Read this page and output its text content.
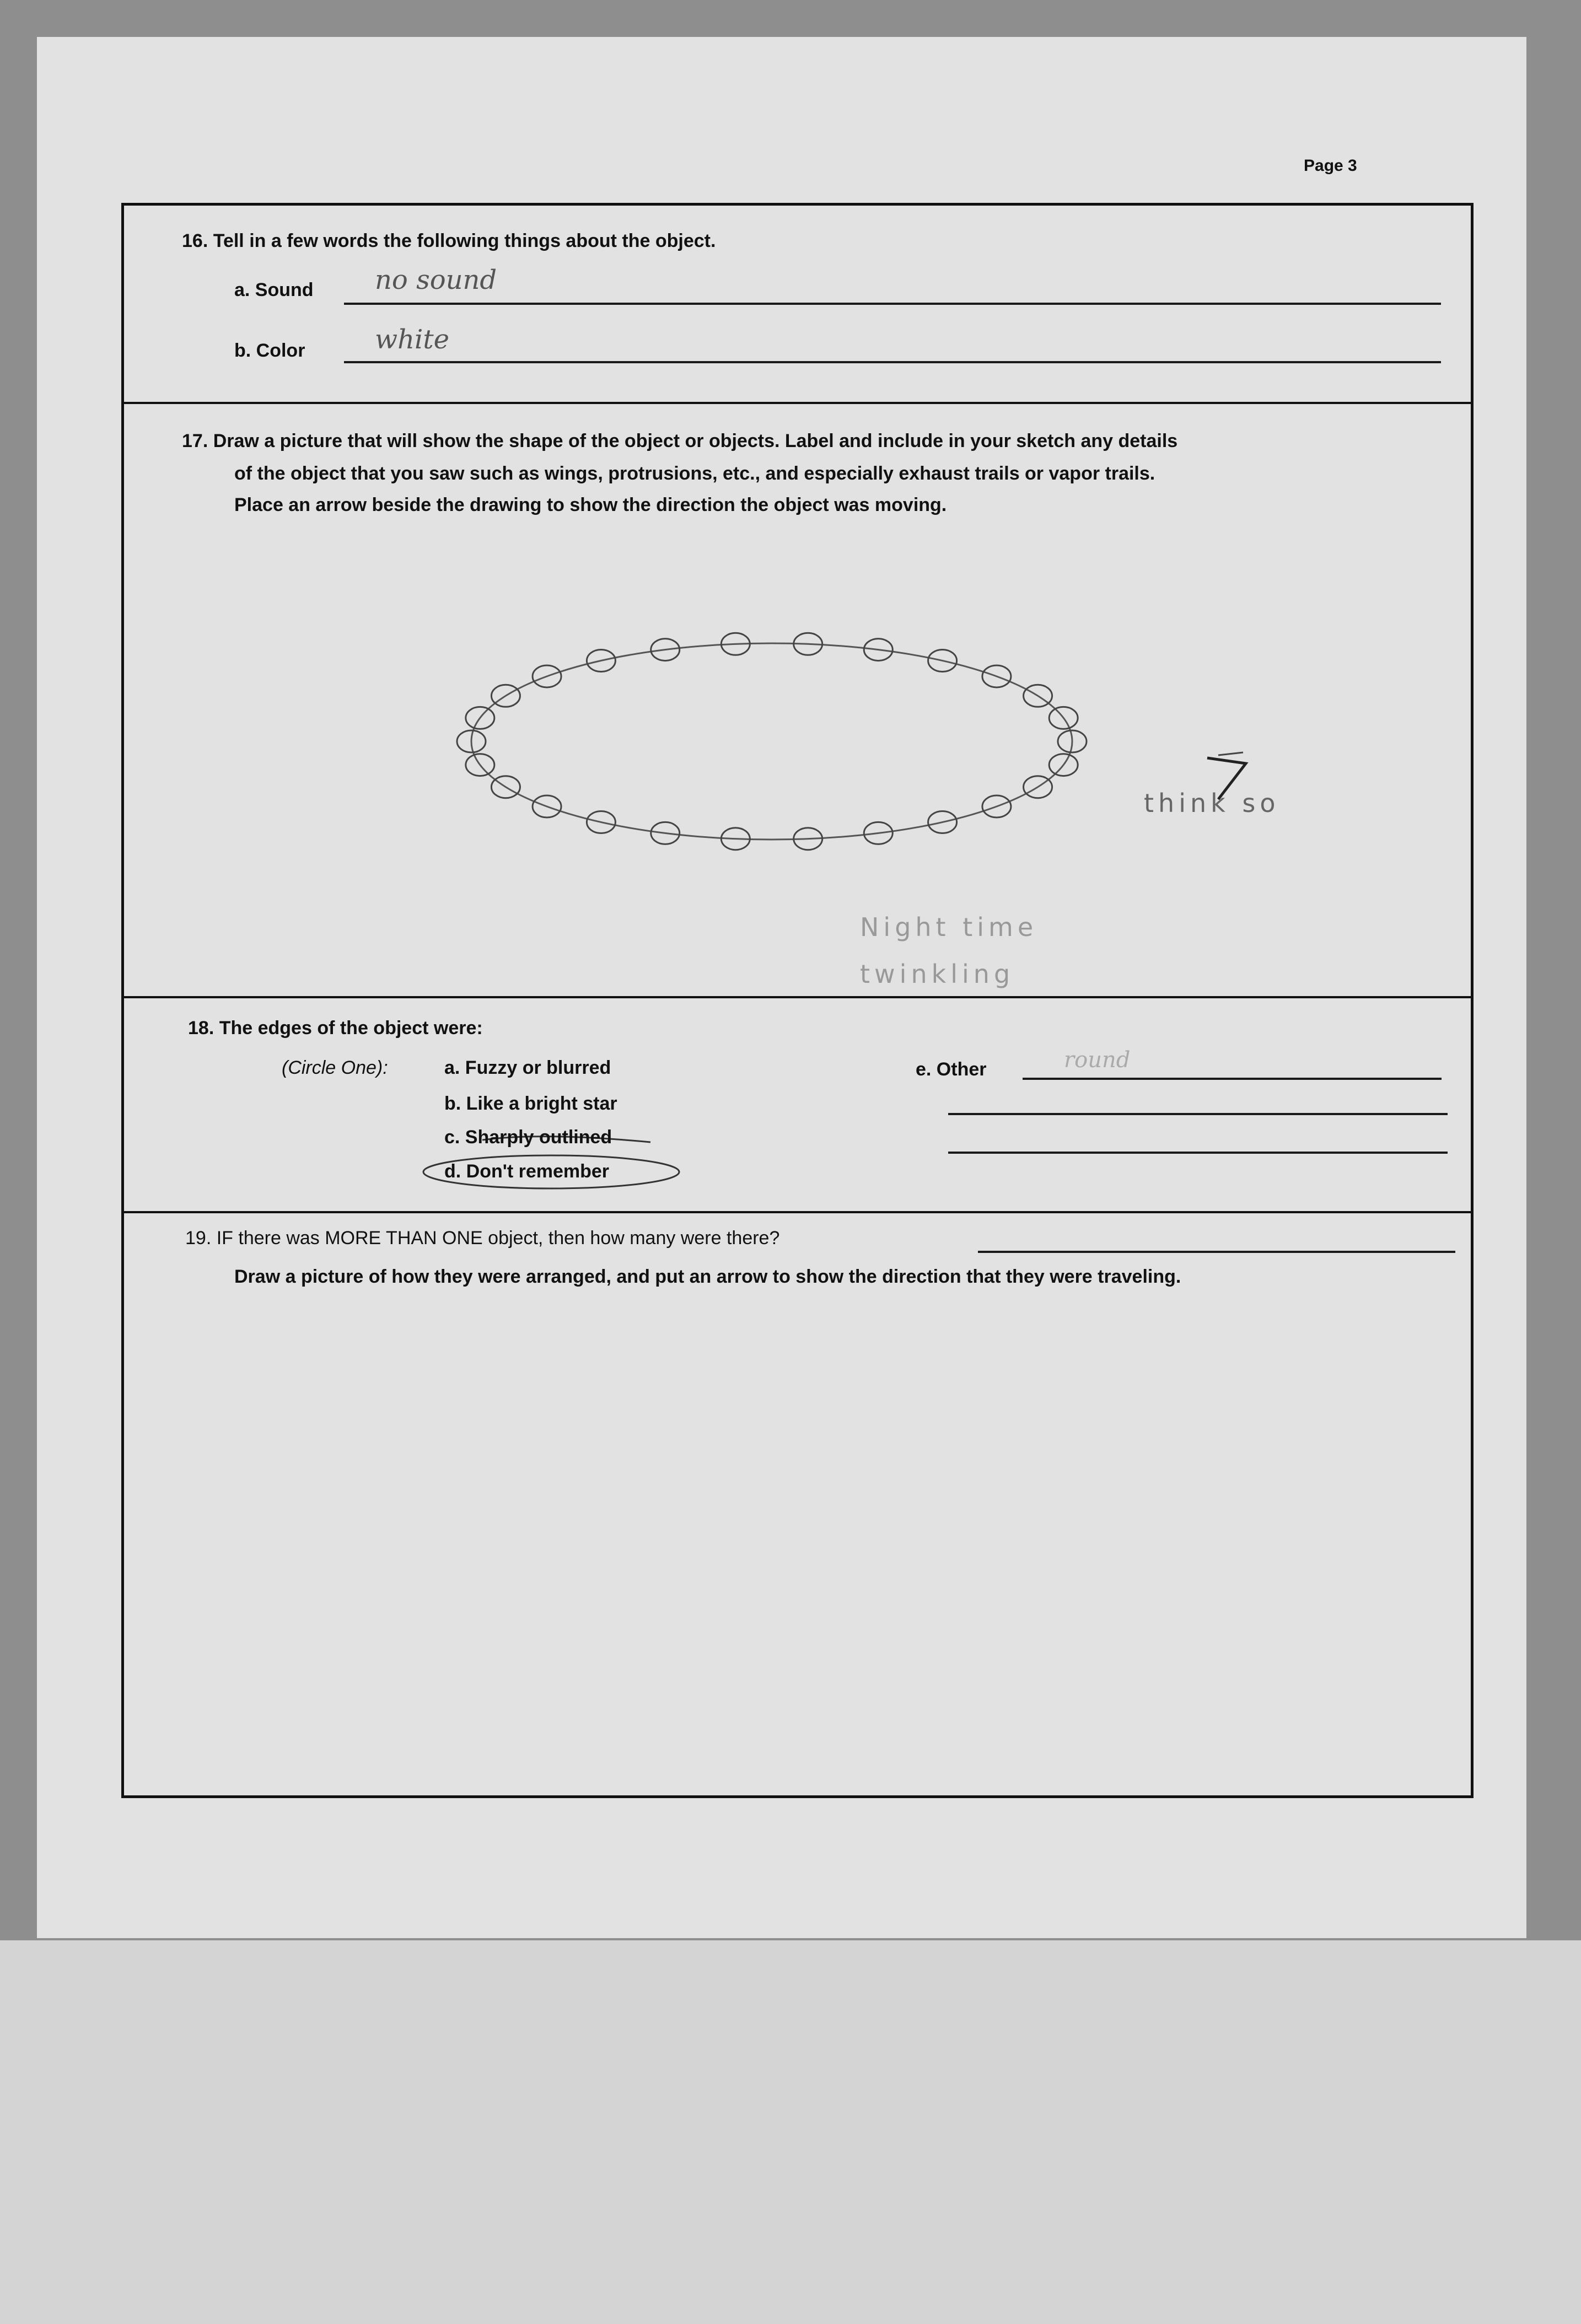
Page 3
16. Tell in a few words the following things about the object.
a. Sound no sound
b. Color	white
17. Draw a picture that will show the shape of the object or objects. Label and include in your sketch any details
of the object that you saw such as wings, protrusions, etc., and especially exhaust trails or vapor trails.
Place an arrow beside the drawing to show the direction the object was moving.
think so
Night time
twinkling
18. The edges of the object were:
(Circle One):	a. Fuzzy or blurred
b. Like a bright star
c. Sharply outlined
d. Don't remember
e. Other	round
19. IF there was MORE THAN ONE object, then how many were there?
Draw a picture of how they were arranged, and put an arrow to show the direction that they were traveling.
